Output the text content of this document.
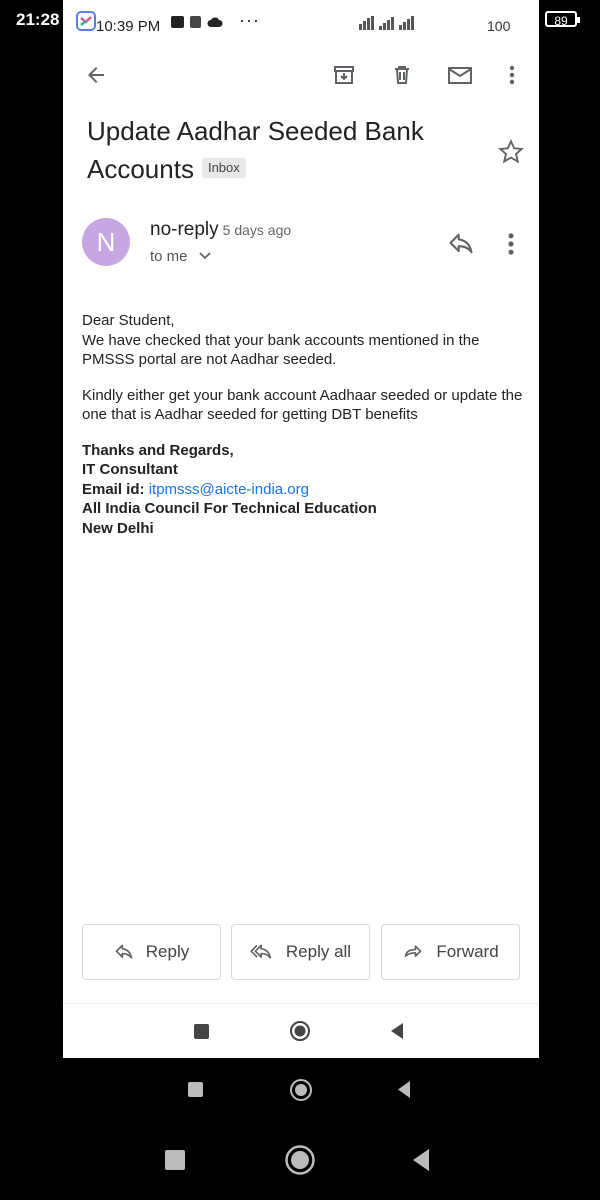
21:28	89
10:39 PM	···	100
Update Aadhar Seeded Bank Accounts Inbox
N	no-reply 5 days ago
to me

Dear Student,
We have checked that your bank accounts mentioned in the PMSSS portal are not Aadhar seeded.

Kindly either get your bank account Aadhaar seeded or update the one that is Aadhar seeded for getting DBT benefits

Thanks and Regards,
IT Consultant
Email id: itpmsss@aicte-india.org
All India Council For Technical Education
New Delhi
Reply	Reply all	Forward
